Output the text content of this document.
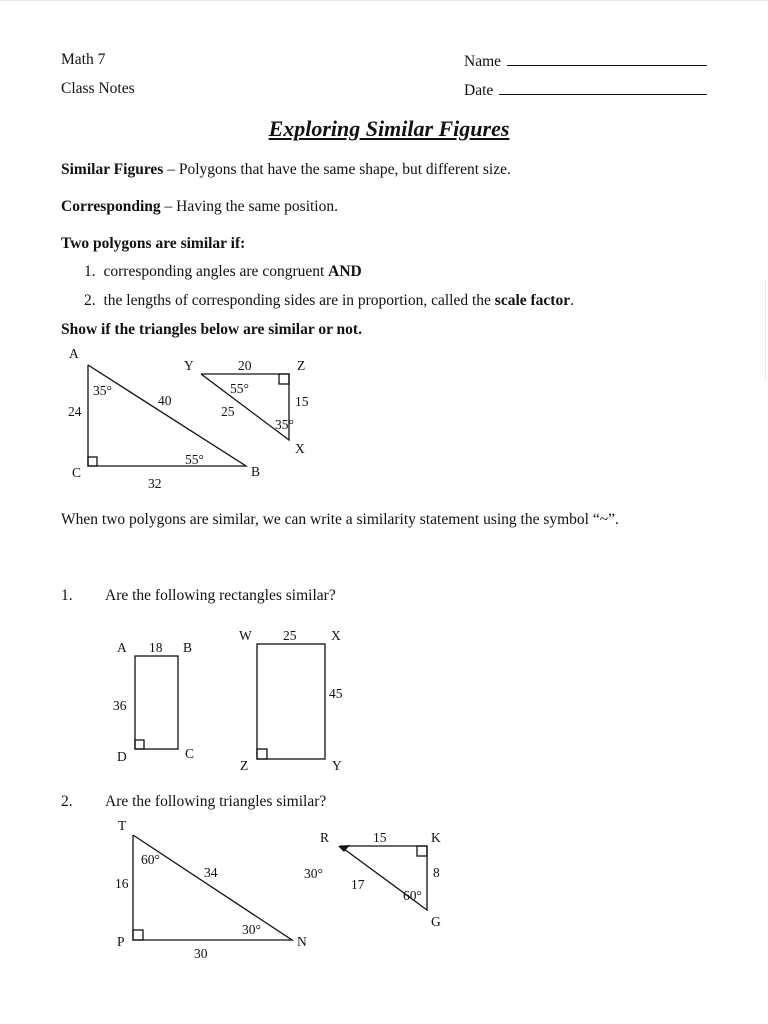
Math 7
Class Notes
Name
Date
Exploring Similar Figures
Similar Figures – Polygons that have the same shape, but different size.
Corresponding – Having the same position.
Two polygons are similar if:
1. corresponding angles are congruent AND
2. the lengths of corresponding sides are in proportion, called the scale factor.
Show if the triangles below are similar or not.
When two polygons are similar, we can write a similarity statement using the symbol “~”.
1. Are the following rectangles similar?
2. Are the following triangles similar?
A
C	B
35°
55°
24
32
40
Y	Z
X
55°
35°
20
15
25
A	B
D	C
18
36
W	X
Z	Y
25
45
T
P	N
60°
30°
16
30
34
R	K
G
30°
60°
15
8
17
